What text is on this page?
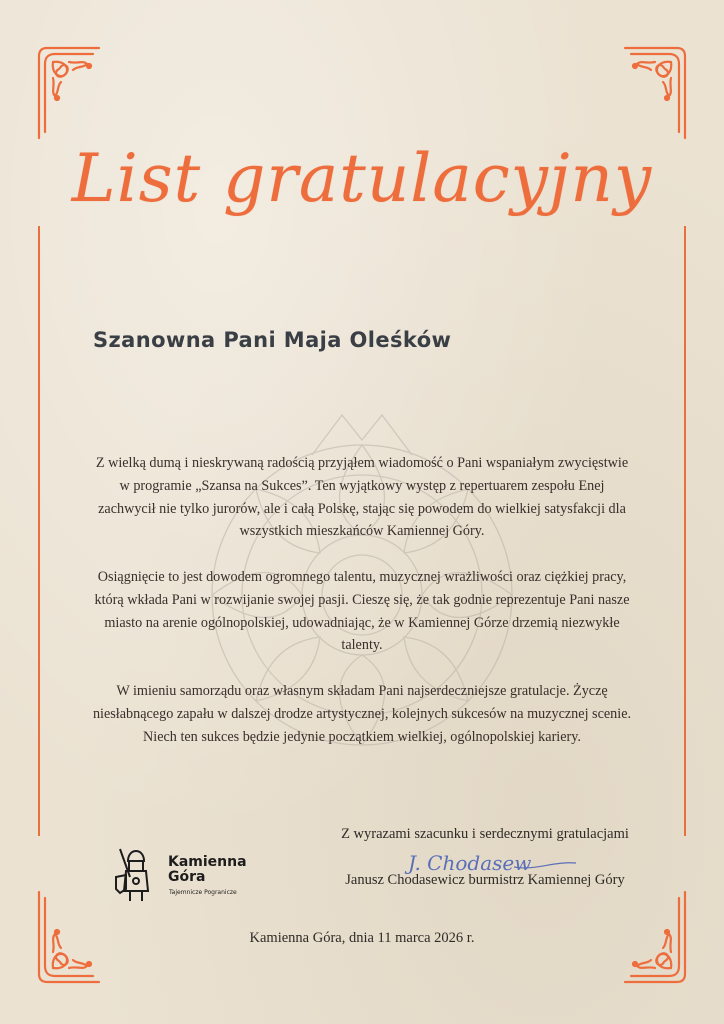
List gratulacyjny
Szanowna Pani Maja Oleśków

Z wielką dumą i nieskrywaną radością przyjąłem wiadomość o Pani wspaniałym zwycięstwie w programie „Szansa na Sukces”. Ten wyjątkowy występ z repertuarem zespołu Enej zachwycił nie tylko jurorów, ale i całą Polskę, stając się powodem do wielkiej satysfakcji dla wszystkich mieszkańców Kamiennej Góry.

Osiągnięcie to jest dowodem ogromnego talentu, muzycznej wrażliwości oraz ciężkiej pracy, którą wkłada Pani w rozwijanie swojej pasji. Cieszę się, że tak godnie reprezentuje Pani nasze miasto na arenie ogólnopolskiej, udowadniając, że w Kamiennej Górze drzemią niezwykłe talenty.

W imieniu samorządu oraz własnym składam Pani najserdeczniejsze gratulacje. Życzę niesłabnącego zapału w dalszej drodze artystycznej, kolejnych sukcesów na muzycznej scenie. Niech ten sukces będzie jedynie początkiem wielkiej, ogólnopolskiej kariery.

Kamienna
Góra
Tajemnicze Pogranicze
Z wyrazami szacunku i serdecznymi gratulacjami
J. Chodasew
Janusz Chodasewicz burmistrz Kamiennej Góry
Kamienna Góra, dnia 11 marca 2026 r.
